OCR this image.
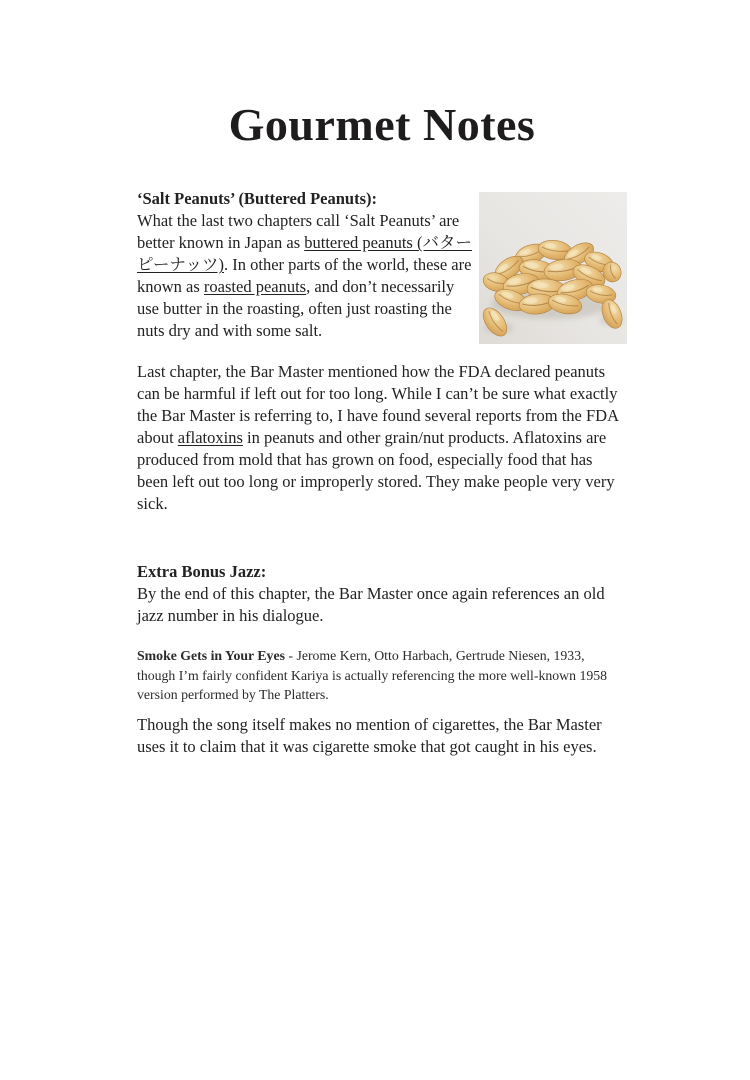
Gourmet Notes

‘Salt Peanuts’ (Buttered Peanuts):

What the last two chapters call ‘Salt Peanuts’ are better known in Japan as buttered peanuts (バターピーナッツ). In other parts of the world, these are known as roasted peanuts, and don’t necessarily use butter in the roasting, often just roasting the nuts dry and with some salt.

Last chapter, the Bar Master mentioned how the FDA declared peanuts can be harmful if left out for too long. While I can’t be sure what exactly the Bar Master is referring to, I have found several reports from the FDA about aflatoxins in peanuts and other grain/nut products. Aflatoxins are produced from mold that has grown on food, especially food that has been left out too long or improperly stored. They make people very very sick.

Extra Bonus Jazz:

By the end of this chapter, the Bar Master once again references an old jazz number in his dialogue.

Smoke Gets in Your Eyes - Jerome Kern, Otto Harbach, Gertrude Niesen, 1933, though I’m fairly confident Kariya is actually referencing the more well-known 1958 version performed by The Platters.

Though the song itself makes no mention of cigarettes, the Bar Master uses it to claim that it was cigarette smoke that got caught in his eyes.
